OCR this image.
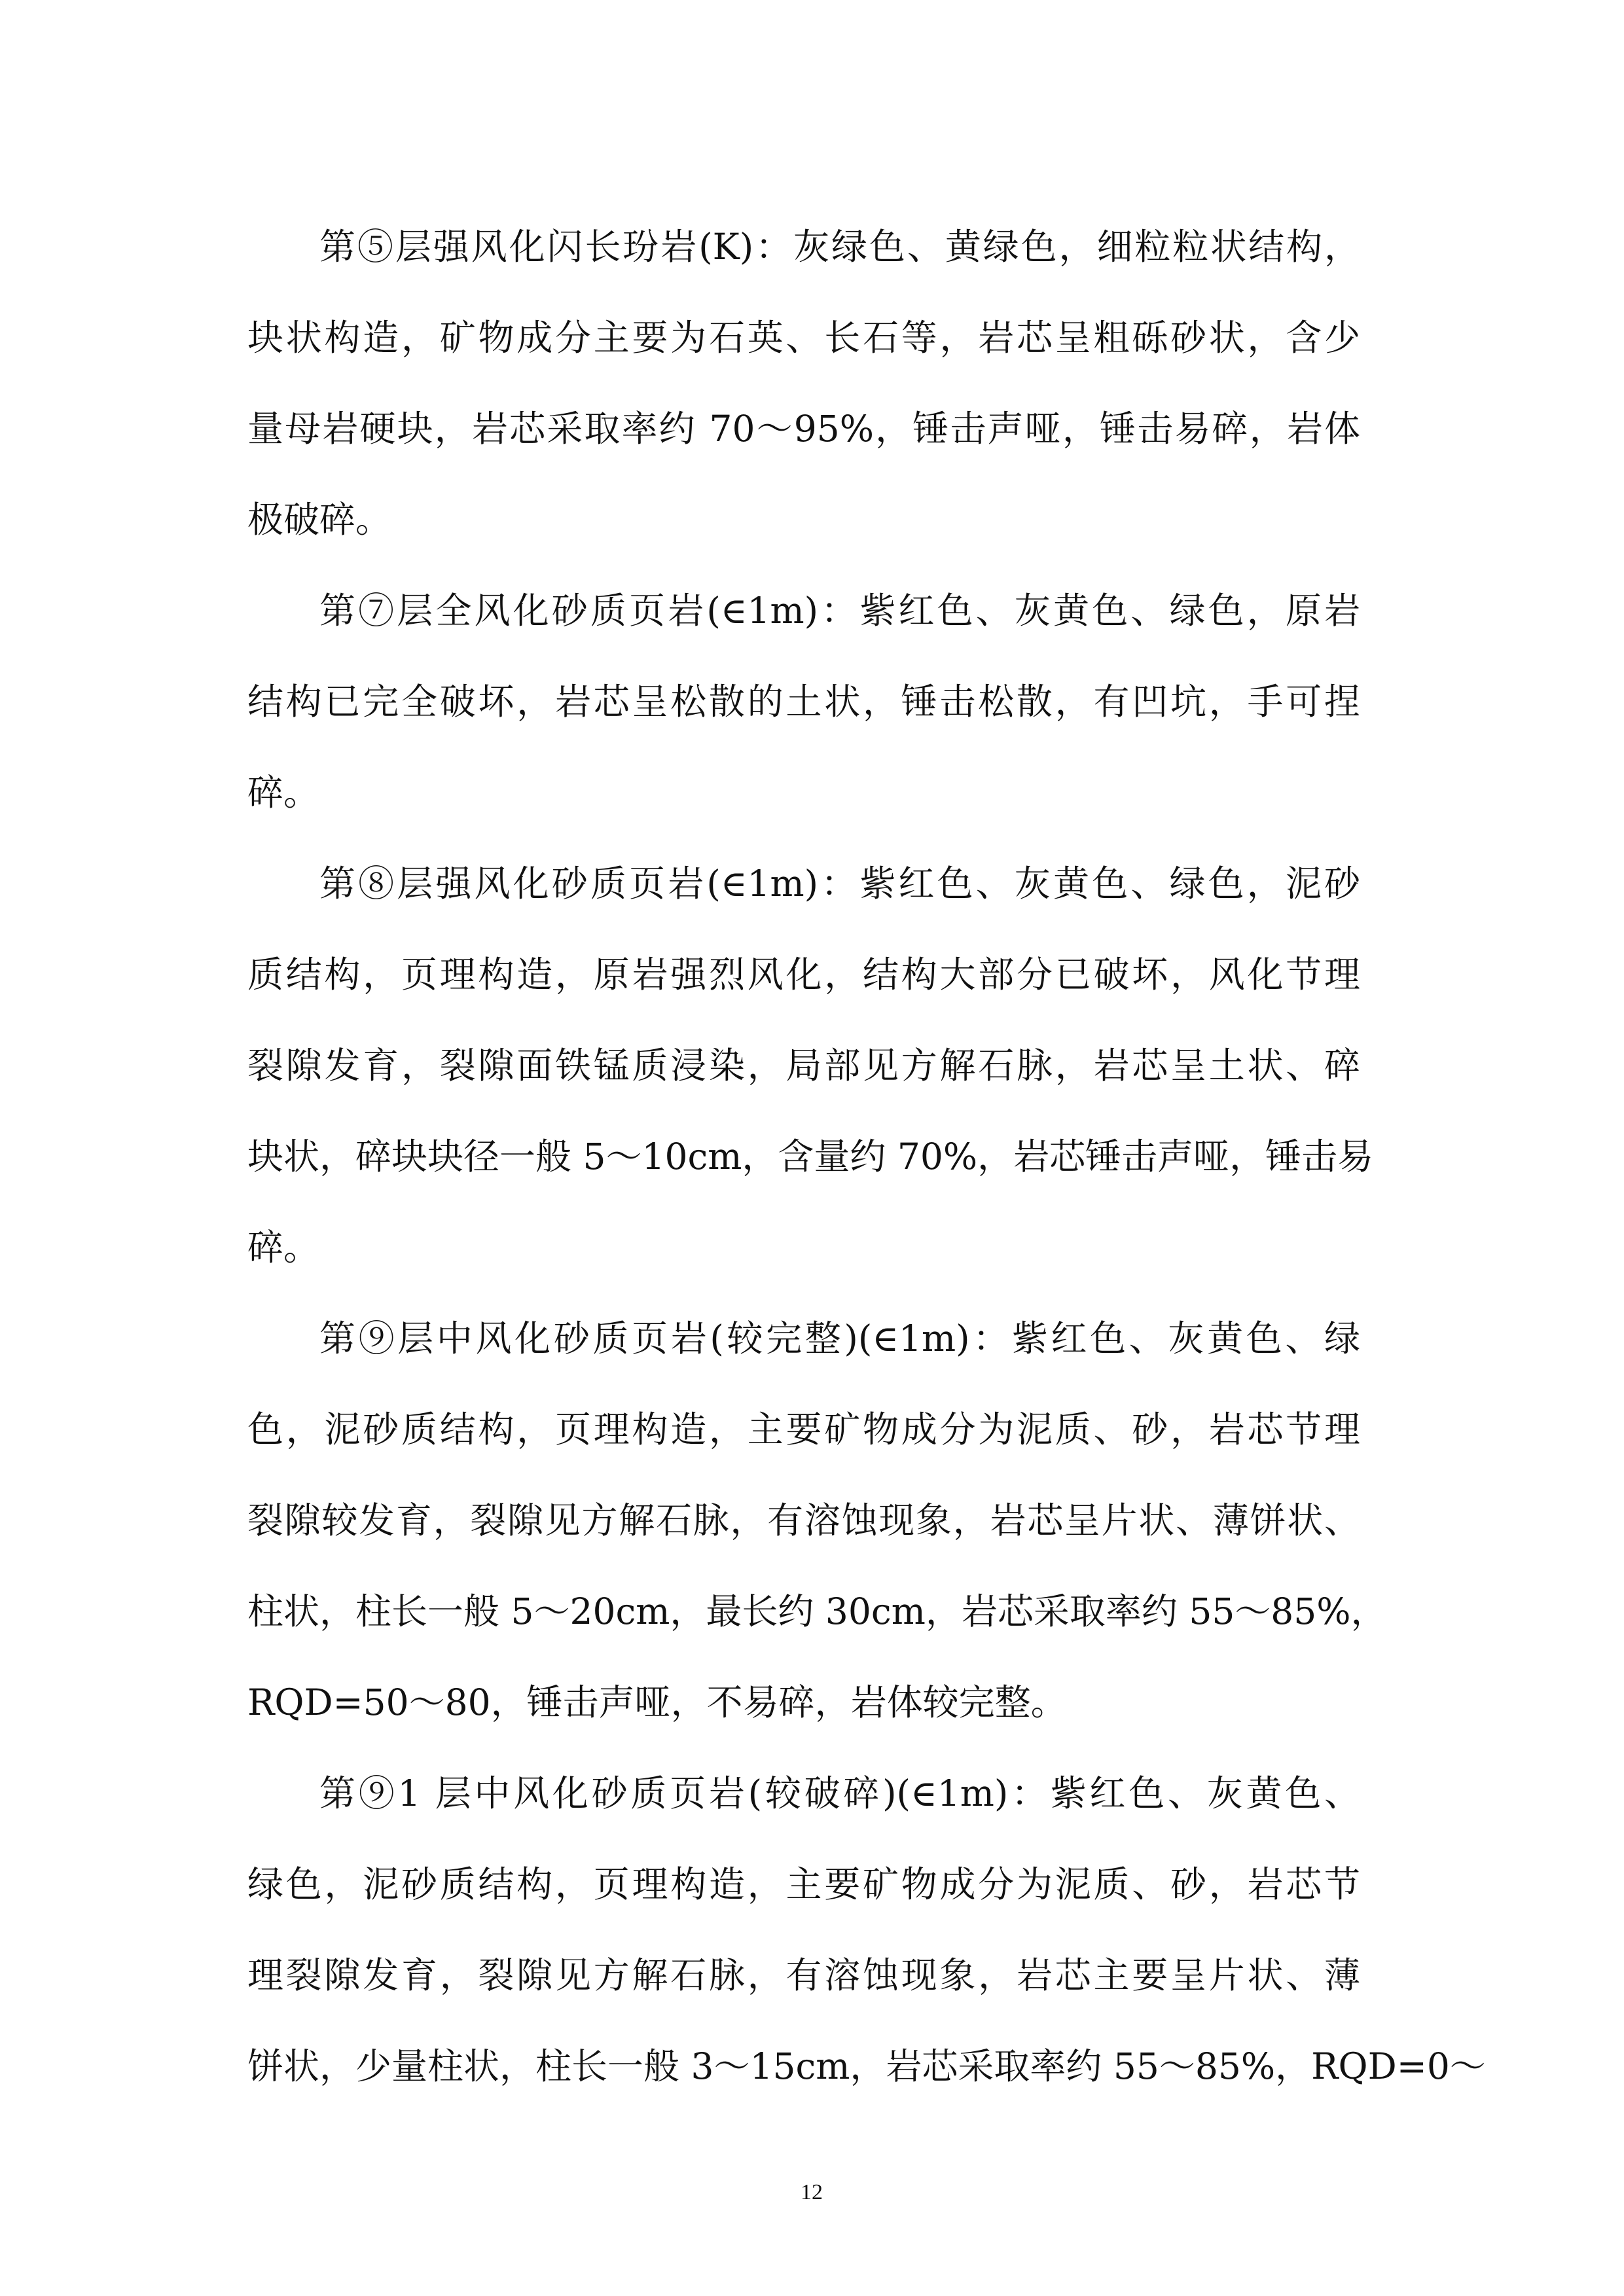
第⑤层强风化闪长玢岩(K)：灰绿色、黄绿色，细粒粒状结构，
块状构造，矿物成分主要为石英、长石等，岩芯呈粗砾砂状，含少
量母岩硬块，岩芯采取率约 70～95%，锤击声哑，锤击易碎，岩体
极破碎。
第⑦层全风化砂质页岩(∈1m)：紫红色、灰黄色、绿色，原岩
结构已完全破坏，岩芯呈松散的土状，锤击松散，有凹坑，手可捏
碎。
第⑧层强风化砂质页岩(∈1m)：紫红色、灰黄色、绿色，泥砂
质结构，页理构造，原岩强烈风化，结构大部分已破坏，风化节理
裂隙发育，裂隙面铁锰质浸染，局部见方解石脉，岩芯呈土状、碎
块状，碎块块径一般 5～10cm，含量约 70%，岩芯锤击声哑，锤击易
碎。
第⑨层中风化砂质页岩(较完整)(∈1m)：紫红色、灰黄色、绿
色，泥砂质结构，页理构造，主要矿物成分为泥质、砂，岩芯节理
裂隙较发育，裂隙见方解石脉，有溶蚀现象，岩芯呈片状、薄饼状、
柱状，柱长一般 5～20cm，最长约 30cm，岩芯采取率约 55～85%，
RQD=50～80，锤击声哑，不易碎，岩体较完整。
第⑨1 层中风化砂质页岩(较破碎)(∈1m)：紫红色、灰黄色、
绿色，泥砂质结构，页理构造，主要矿物成分为泥质、砂，岩芯节
理裂隙发育，裂隙见方解石脉，有溶蚀现象，岩芯主要呈片状、薄
饼状，少量柱状，柱长一般 3～15cm，岩芯采取率约 55～85%，RQD=0～
12
